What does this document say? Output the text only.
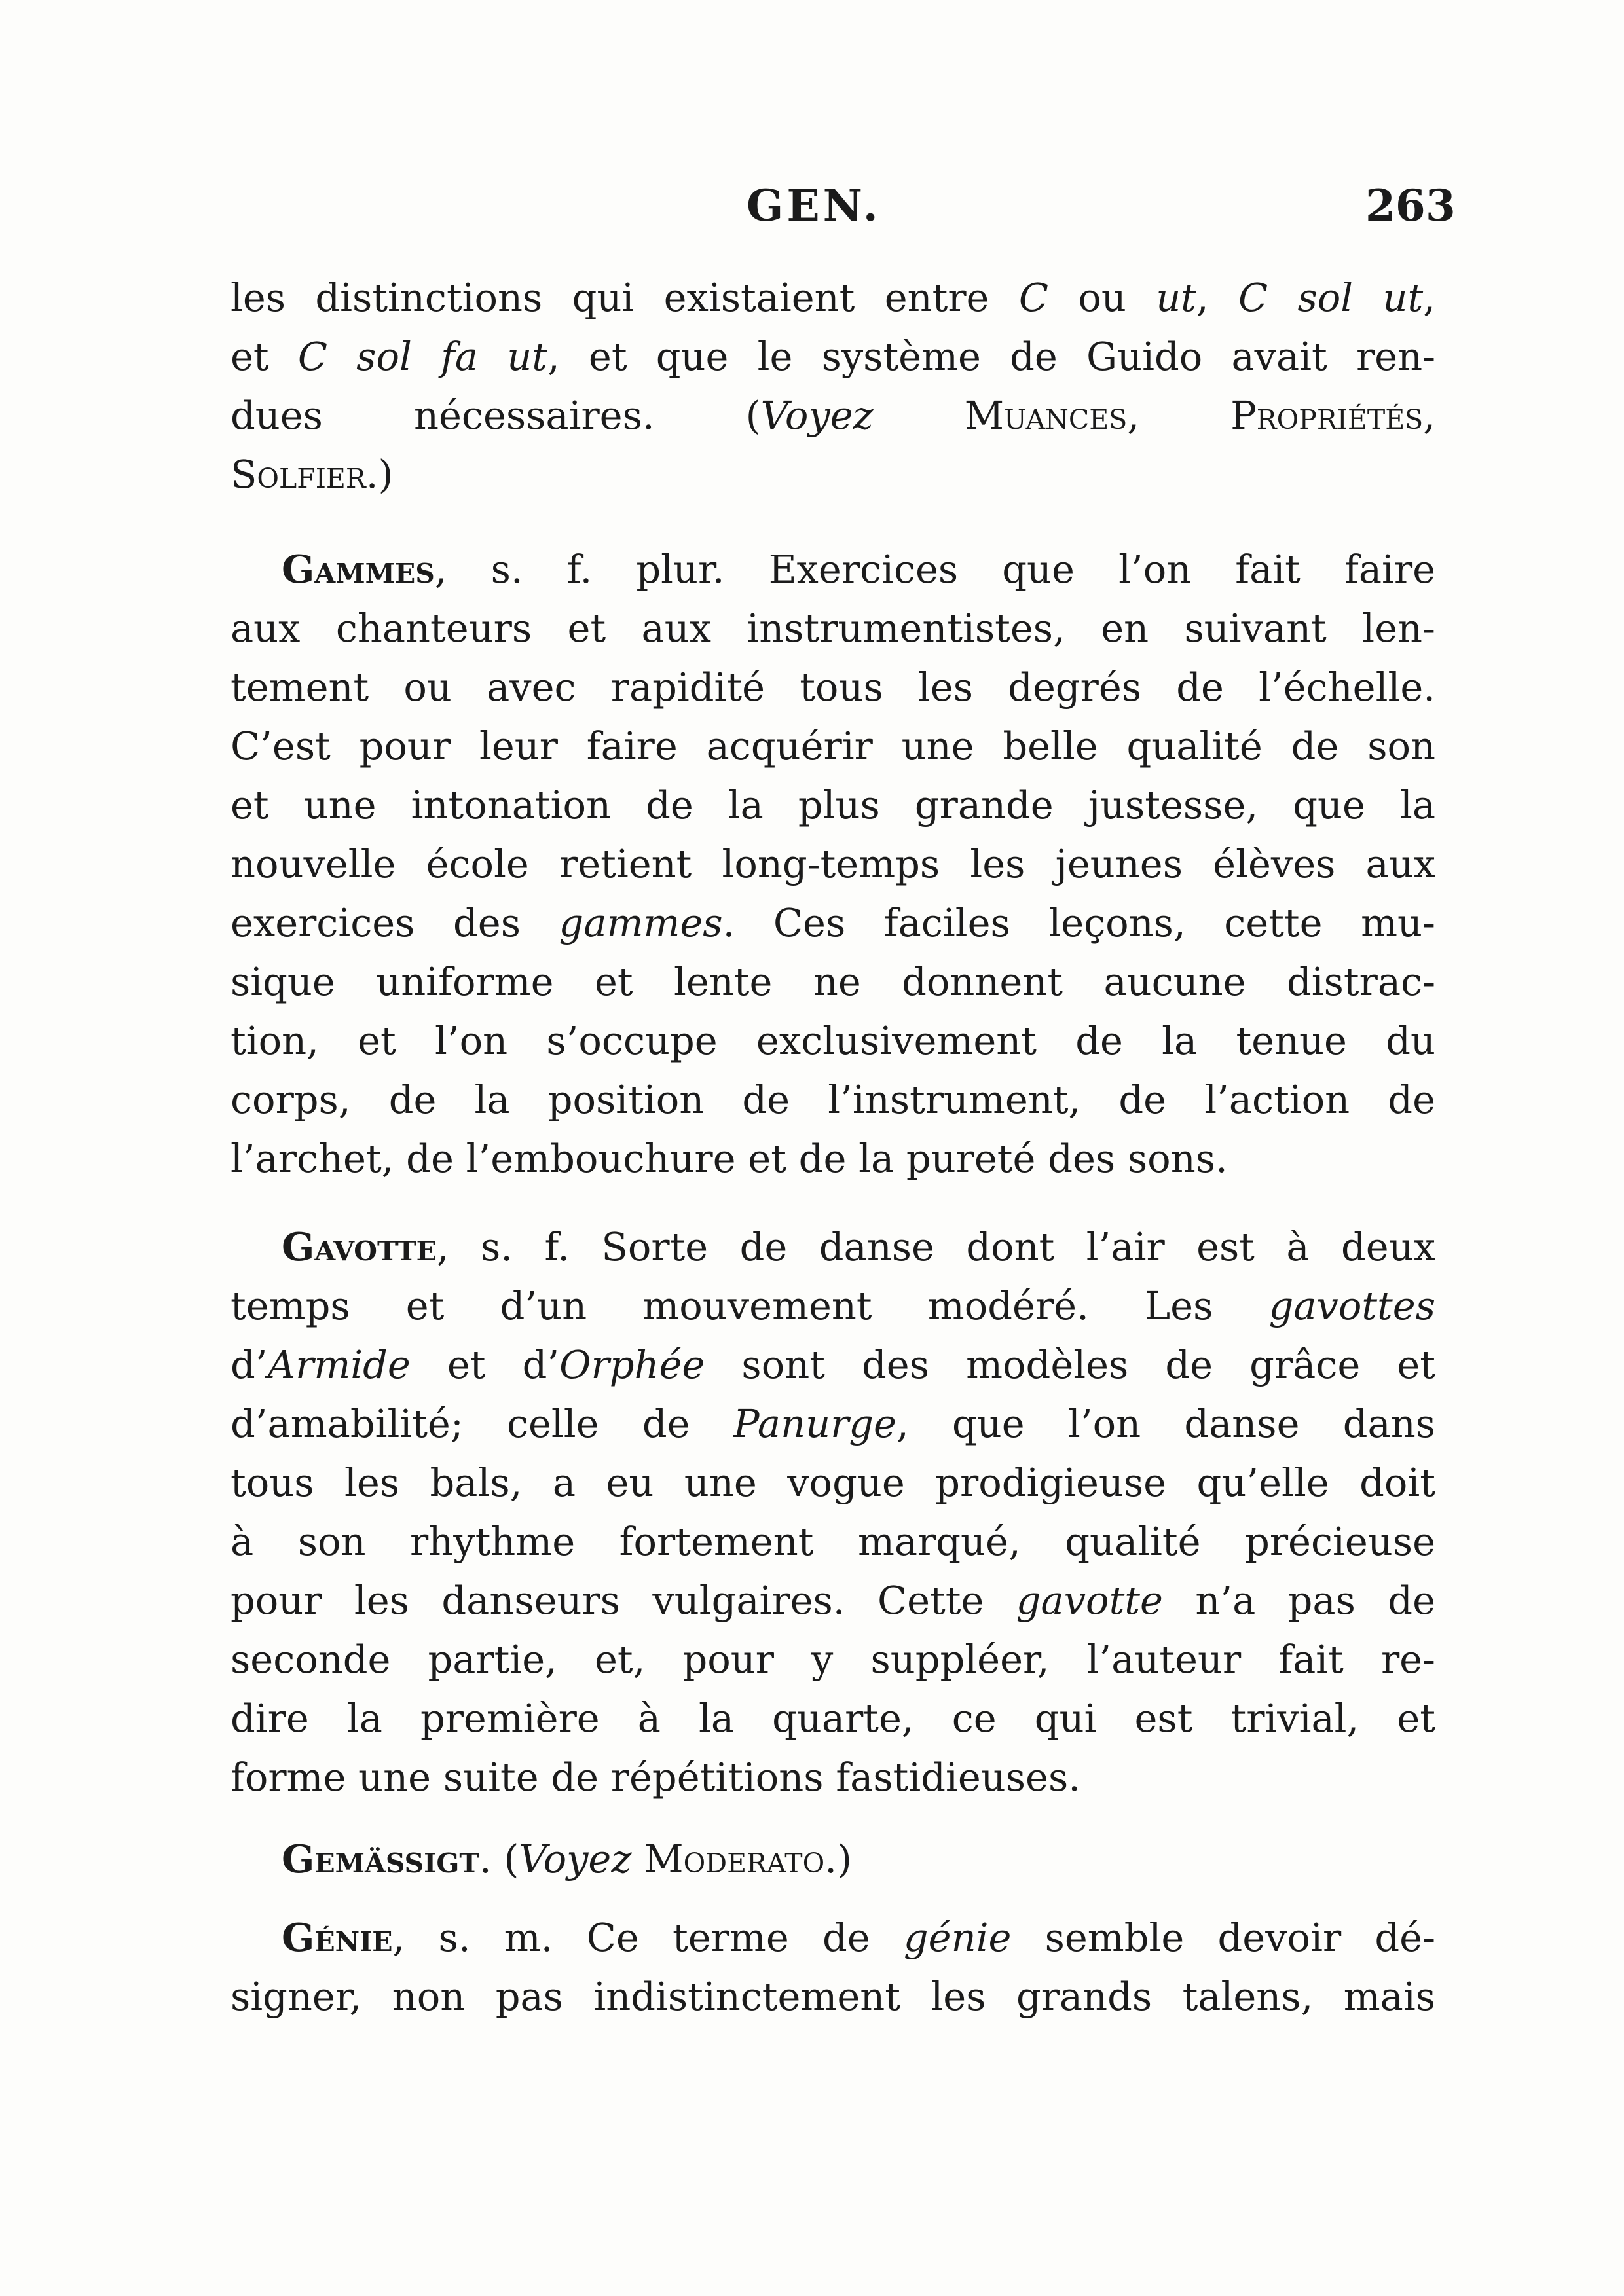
GEN.	263
les distinctions qui existaient entre C ou ut, C sol ut,
et C sol fa ut, et que le système de Guido avait ren-
dues nécessaires. (Voyez Muances, Propriétés,
Solfier.)
Gammes, s. f. plur. Exercices que l’on fait faire
aux chanteurs et aux instrumentistes, en suivant len-
tement ou avec rapidité tous les degrés de l’échelle.
C’est pour leur faire acquérir une belle qualité de son
et une intonation de la plus grande justesse, que la
nouvelle école retient long-temps les jeunes élèves aux
exercices des gammes. Ces faciles leçons, cette mu-
sique uniforme et lente ne donnent aucune distrac-
tion, et l’on s’occupe exclusivement de la tenue du
corps, de la position de l’instrument, de l’action de
l’archet, de l’embouchure et de la pureté des sons.
Gavotte, s. f. Sorte de danse dont l’air est à deux
temps et d’un mouvement modéré. Les gavottes
d’Armide et d’Orphée sont des modèles de grâce et
d’amabilité; celle de Panurge, que l’on danse dans
tous les bals, a eu une vogue prodigieuse qu’elle doit
à son rhythme fortement marqué, qualité précieuse
pour les danseurs vulgaires. Cette gavotte n’a pas de
seconde partie, et, pour y suppléer, l’auteur fait re-
dire la première à la quarte, ce qui est trivial, et
forme une suite de répétitions fastidieuses.
Gemässigt. (Voyez Moderato.)
Génie, s. m. Ce terme de génie semble devoir dé-
signer, non pas indistinctement les grands talens, mais
